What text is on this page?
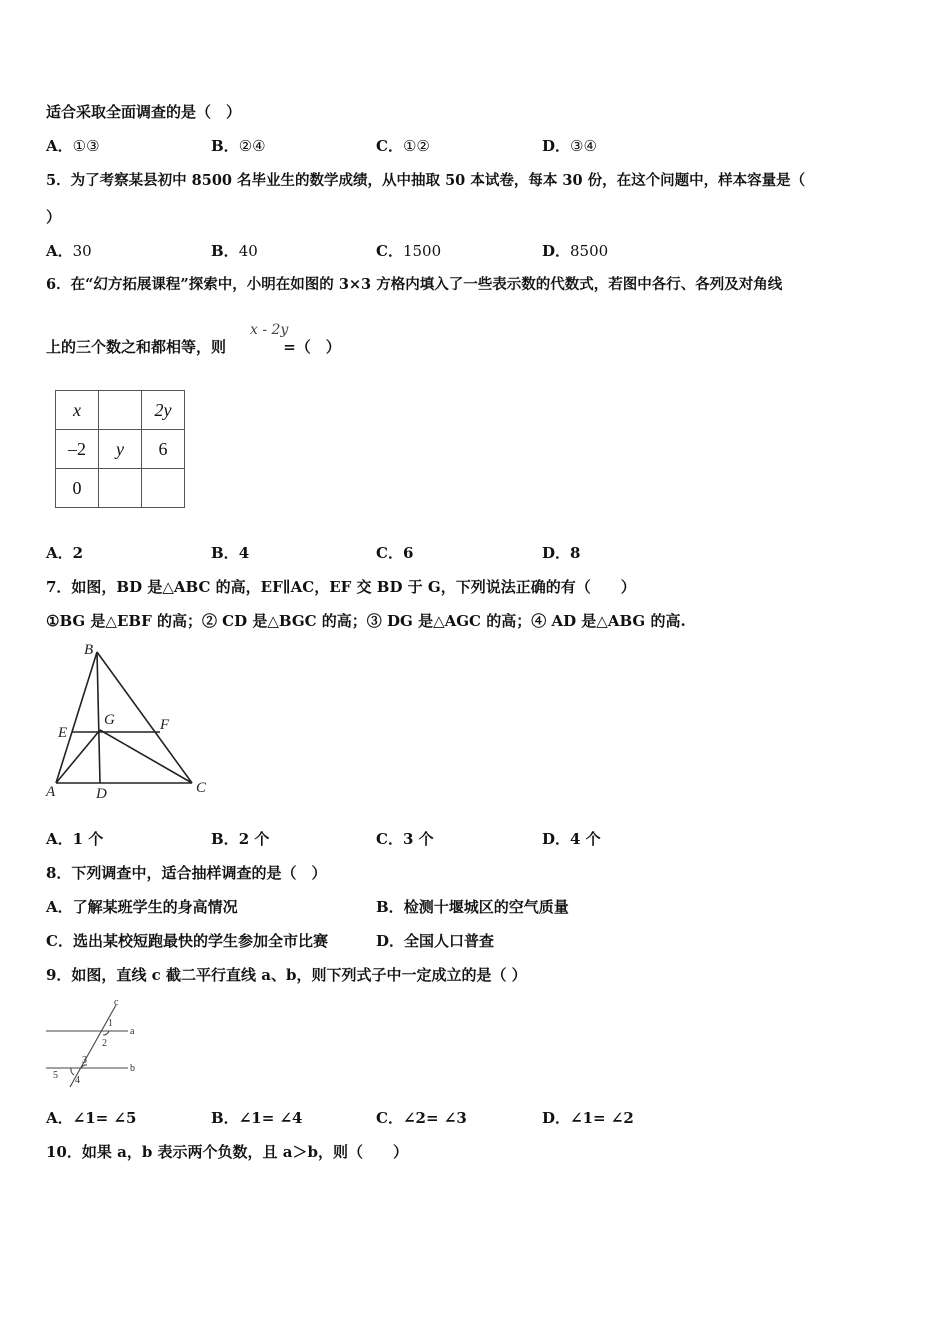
适合采取全面调查的是（　）
A．①③	B．②④	C．①②	D．③④
5．为了考察某县初中 8500 名毕业生的数学成绩，从中抽取 50 本试卷，每本 30 份，在这个问题中，样本容量是（
）
A．30	B．40	C．1500	D．8500
6．在“幻方拓展课程”探索中，小明在如图的 3×3 方格内填入了一些表示数的代数式，若图中各行、各列及对角线
上的三个数之和都相等，则	=（　）
x - 2y
x		2y
–2	y	6
0		
A．2	B．4	C．6	D．8
7．如图，BD 是△ABC 的高，EF∥AC，EF 交 BD 于 G，下列说法正确的有（　　）
①BG 是△EBF 的高；② CD 是△BGC 的高；③ DG 是△AGC 的高；④ AD 是△ABG 的高.
B
E
G	F
A	D	C
A．1 个	B．2 个	C．3 个	D．4 个
8．下列调查中，适合抽样调查的是（　）
A．了解某班学生的身高情况	B．检测十堰城区的空气质量
C．选出某校短跑最快的学生参加全市比赛	D．全国人口普查
9．如图，直线 c 截二平行直线 a、b，则下列式子中一定成立的是（ ）
c
a
b
1
2
3
4
5
A．∠1= ∠5	B．∠1= ∠4	C．∠2= ∠3	D．∠1= ∠2
10．如果 a，b 表示两个负数，且 a＞b，则（　　）
